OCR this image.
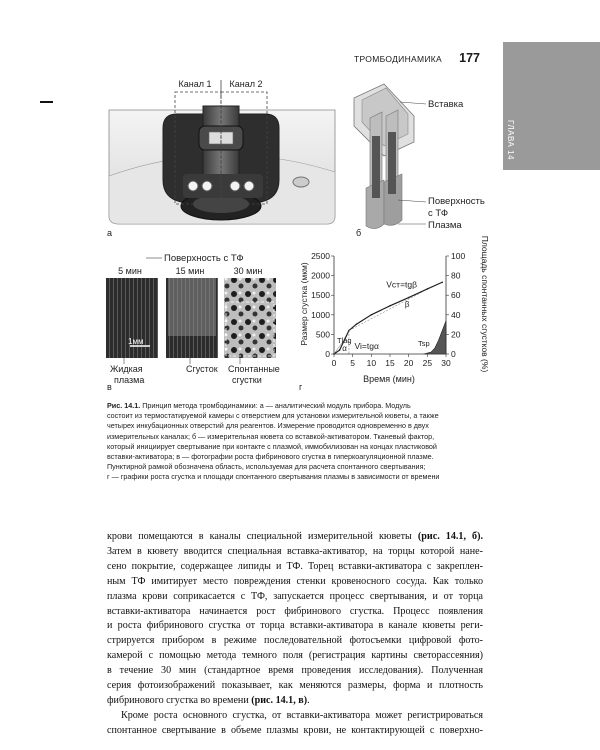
ГЛАВА 14
ТРОМБОДИНАМИКА 177
Канал 1 Канал 2
а
Вставка
Поверхность
с ТФ
Плазма
б
Поверхность с ТФ
5 мин	15 мин	30 мин
1мм
Жидкая
плазма
Сгусток Спонтанные
сгустки
в
0 5 10 15 20 25 30
0
500
1000
1500
2000
2500
0
20
40
60
80
100
Vст=tgβ
Vi=tgα
Tlag	Tsp
α
β
Время (мин)
Размер сгустка (мкм)	Площадь спонтанных сгустков (%)
г
Рис. 14.1. Принцип метода тромбодинамики: а — аналитический модуль прибора. Модуль
состоит из термостатируемой камеры с отверстием для установки измерительной кюветы, а также
четырех инкубационных отверстий для реагентов. Измерение проводится одновременно в двух
измерительных каналах; б — измерительная кювета со вставкой-активатором. Тканевый фактор,
который инициирует свертывание при контакте с плазмой, иммобилизован на концах пластиковой
вставки-активатора; в — фотографии роста фибринового сгустка в гиперкоагуляционной плазме.
Пунктирной рамкой обозначена область, используемая для расчета спонтанного свертывания;
г — графики роста сгустка и площади спонтанного свертывания плазмы в зависимости от времени
крови помещаются в каналы специальной измерительной кюветы (рис. 14.1, б).
Затем в кювету вводится специальная вставка-активатор, на торцы которой нане-
сено покрытие, содержащее липиды и ТФ. Торец вставки-активатора с закреплен-
ным ТФ имитирует место повреждения стенки кровеносного сосуда. Как только
плазма крови соприкасается с ТФ, запускается процесс свертывания, и от торца
вставки-активатора начинается рост фибринового сгустка. Процесс появления
и роста фибринового сгустка от торца вставки-активатора в канале кюветы реги-
стрируется прибором в режиме последовательной фотосъемки цифровой фото-
камерой с помощью метода темного поля (регистрация картины светорассеяния)
в течение 30 мин (стандартное время проведения исследования). Полученная
серия фотоизображений показывает, как меняются размеры, форма и плотность
фибринового сгустка во времени (рис. 14.1, в).
Кроме роста основного сгустка, от вставки-активатора может регистрироваться
спонтанное свертывание в объеме плазмы крови, не контактирующей с поверхно-
